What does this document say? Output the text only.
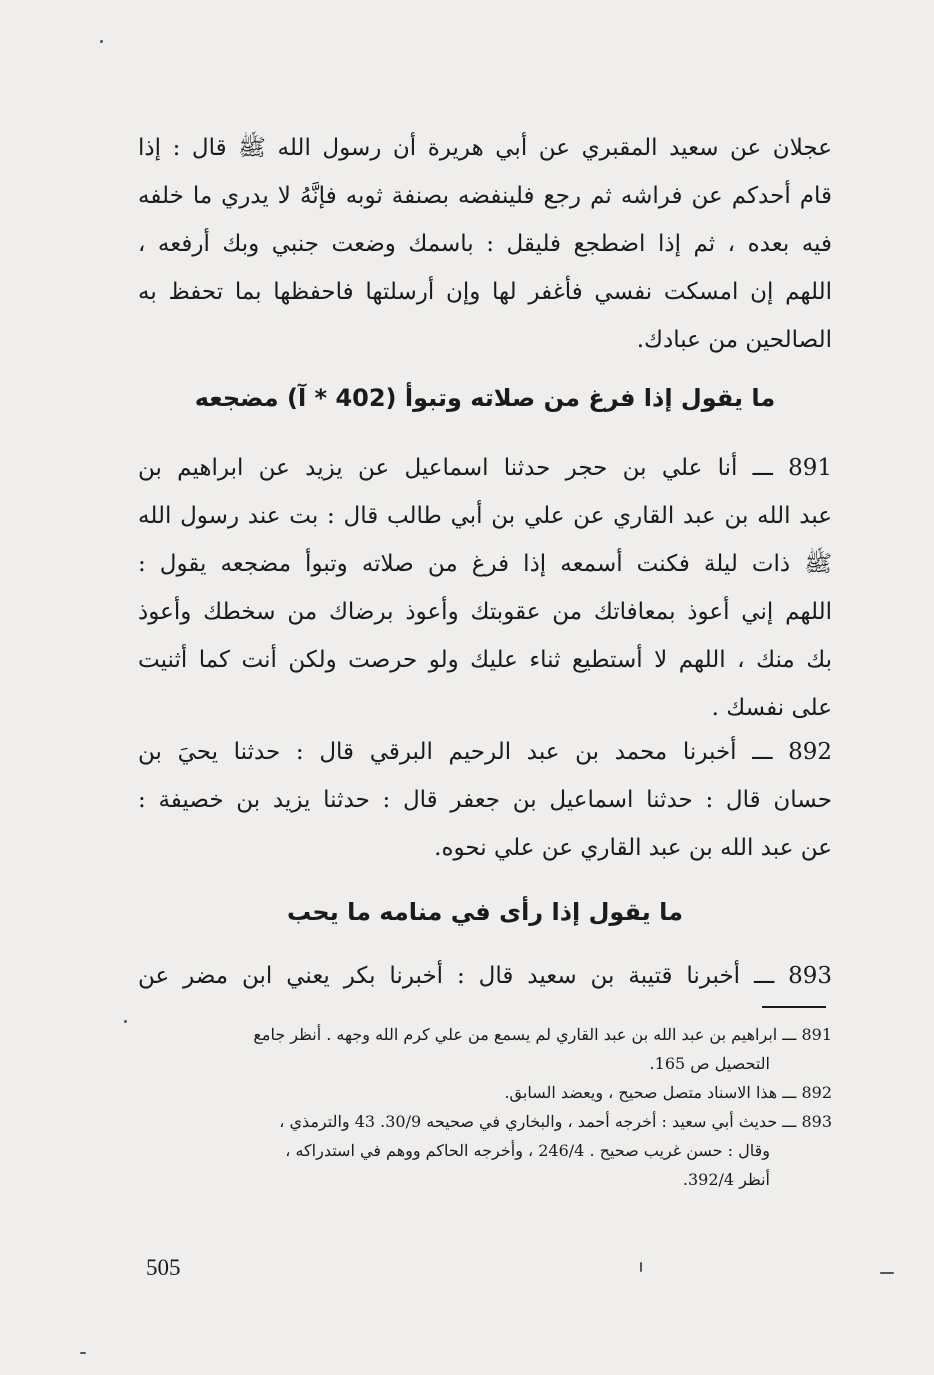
عجلان عن سعيد المقبري عن أبي هريرة أن رسول الله ﷺ قال : إذا
قام أحدكم عن فراشه ثم رجع فلينفضه بصنفة ثوبه فإنَّهُ لا يدري ما خلفه
فيه بعده ، ثم إذا اضطجع فليقل : باسمك وضعت جنبي وبك أرفعه ،
اللهم إن امسكت نفسي فأغفر لها وإن أرسلتها فاحفظها بما تحفظ به
الصالحين من عبادك.
ما يقول إذا فرغ من صلاته وتبوأ (402 * آ) مضجعه
891 ـــ أنا علي بن حجر حدثنا اسماعيل عن يزيد عن ابراهيم بن
عبد الله بن عبد القاري عن علي بن أبي طالب قال : بت عند رسول الله
ﷺ ذات ليلة فكنت أسمعه إذا فرغ من صلاته وتبوأ مضجعه يقول :
اللهم إني أعوذ بمعافاتك من عقوبتك وأعوذ برضاك من سخطك وأعوذ
بك منك ، اللهم لا أستطيع ثناء عليك ولو حرصت ولكن أنت كما أثنيت
على نفسك .
892 ـــ أخبرنا محمد بن عبد الرحيم البرقي قال : حدثنا يحيَ بن
حسان قال : حدثنا اسماعيل بن جعفر قال : حدثنا يزيد بن خصيفة :
عن عبد الله بن عبد القاري عن علي نحوه.
ما يقول إذا رأى في منامه ما يحب
893 ـــ أخبرنا قتيبة بن سعيد قال : أخبرنا بكر يعني ابن مضر عن
891 ـــ ابراهيم بن عبد الله بن عبد القاري لم يسمع من علي كرم الله وجهه . أنظر جامع
التحصيل ص 165.
892 ـــ هذا الاسناد متصل صحيح ، ويعضد السابق.
893 ـــ حديث أبي سعيد : أخرجه أحمد ، والبخاري في صحيحه 30/9. 43 والترمذي ،
وقال : حسن غريب صحيح . 246/4 ، وأخرجه الحاكم ووهم في استدراكه ،
أنظر 392/4.
505
